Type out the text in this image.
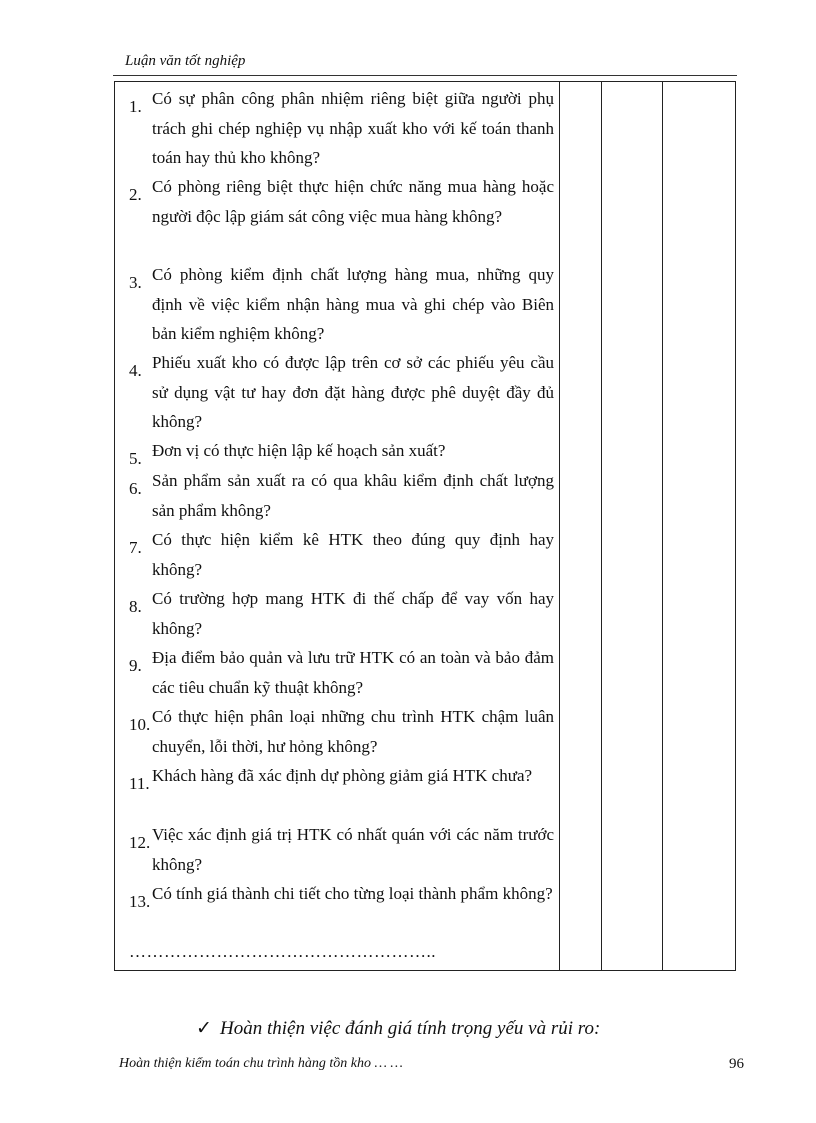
Luận văn tốt nghiệp
1. Có sự phân công phân nhiệm riêng biệt giữa người phụ trách ghi chép nghiệp vụ nhập xuất kho với kế toán thanh toán hay thủ kho không?
2. Có phòng riêng biệt thực hiện chức năng mua hàng hoặc người độc lập giám sát công việc mua hàng không?
3. Có phòng kiểm định chất lượng hàng mua, những quy định về việc kiểm nhận hàng mua và ghi chép vào Biên bản kiểm nghiệm không?
4. Phiếu xuất kho có được lập trên cơ sở các phiếu yêu cầu sử dụng vật tư hay đơn đặt hàng được phê duyệt đầy đủ không?
5. Đơn vị có thực hiện lập kế hoạch sản xuất?
6. Sản phẩm sản xuất ra có qua khâu kiểm định chất lượng sản phẩm không?
7. Có thực hiện kiểm kê HTK theo đúng quy định hay không?
8. Có trường hợp mang HTK đi thế chấp để vay vốn hay không?
9. Địa điểm bảo quản và lưu trữ HTK có an toàn và bảo đảm các tiêu chuẩn kỹ thuật không?
10. Có thực hiện phân loại những chu trình HTK chậm luân chuyển, lỗi thời, hư hỏng không?
11. Khách hàng đã xác định dự phòng giảm giá HTK chưa?
12. Việc xác định giá trị HTK có nhất quán với các năm trước không?
13. Có tính giá thành chi tiết cho từng loại thành phẩm không?
……………………………………………..
✓ Hoàn thiện việc đánh giá tính trọng yếu và rủi ro:
Hoàn thiện kiểm toán chu trình hàng tồn kho … …	96
